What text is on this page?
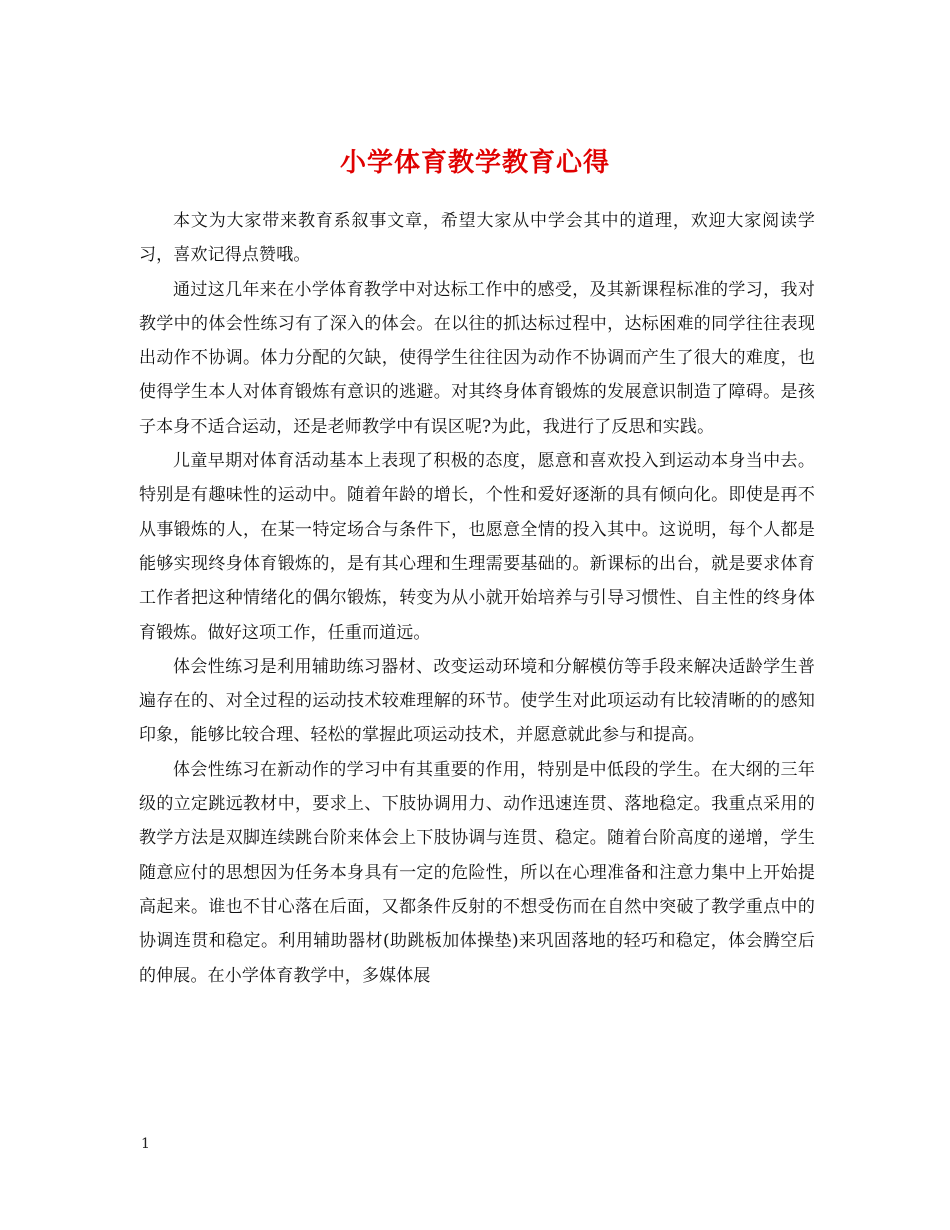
小学体育教学教育心得

本文为大家带来教育系叙事文章，希望大家从中学会其中的道理，欢迎大家阅读学习，喜欢记得点赞哦。

通过这几年来在小学体育教学中对达标工作中的感受，及其新课程标准的学习，我对教学中的体会性练习有了深入的体会。在以往的抓达标过程中，达标困难的同学往往表现出动作不协调。体力分配的欠缺，使得学生往往因为动作不协调而产生了很大的难度，也使得学生本人对体育锻炼有意识的逃避。对其终身体育锻炼的发展意识制造了障碍。是孩子本身不适合运动，还是老师教学中有误区呢?为此，我进行了反思和实践。

儿童早期对体育活动基本上表现了积极的态度，愿意和喜欢投入到运动本身当中去。特别是有趣味性的运动中。随着年龄的增长，个性和爱好逐渐的具有倾向化。即使是再不从事锻炼的人，在某一特定场合与条件下，也愿意全情的投入其中。这说明，每个人都是能够实现终身体育锻炼的，是有其心理和生理需要基础的。新课标的出台，就是要求体育工作者把这种情绪化的偶尔锻炼，转变为从小就开始培养与引导习惯性、自主性的终身体育锻炼。做好这项工作，任重而道远。

体会性练习是利用辅助练习器材、改变运动环境和分解模仿等手段来解决适龄学生普遍存在的、对全过程的运动技术较难理解的环节。使学生对此项运动有比较清晰的的感知印象，能够比较合理、轻松的掌握此项运动技术，并愿意就此参与和提高。

体会性练习在新动作的学习中有其重要的作用，特别是中低段的学生。在大纲的三年级的立定跳远教材中，要求上、下肢协调用力、动作迅速连贯、落地稳定。我重点采用的教学方法是双脚连续跳台阶来体会上下肢协调与连贯、稳定。随着台阶高度的递增，学生随意应付的思想因为任务本身具有一定的危险性，所以在心理准备和注意力集中上开始提高起来。谁也不甘心落在后面，又都条件反射的不想受伤而在自然中突破了教学重点中的协调连贯和稳定。利用辅助器材(助跳板加体操垫)来巩固落地的轻巧和稳定，体会腾空后的伸展。在小学体育教学中，多媒体展

1
